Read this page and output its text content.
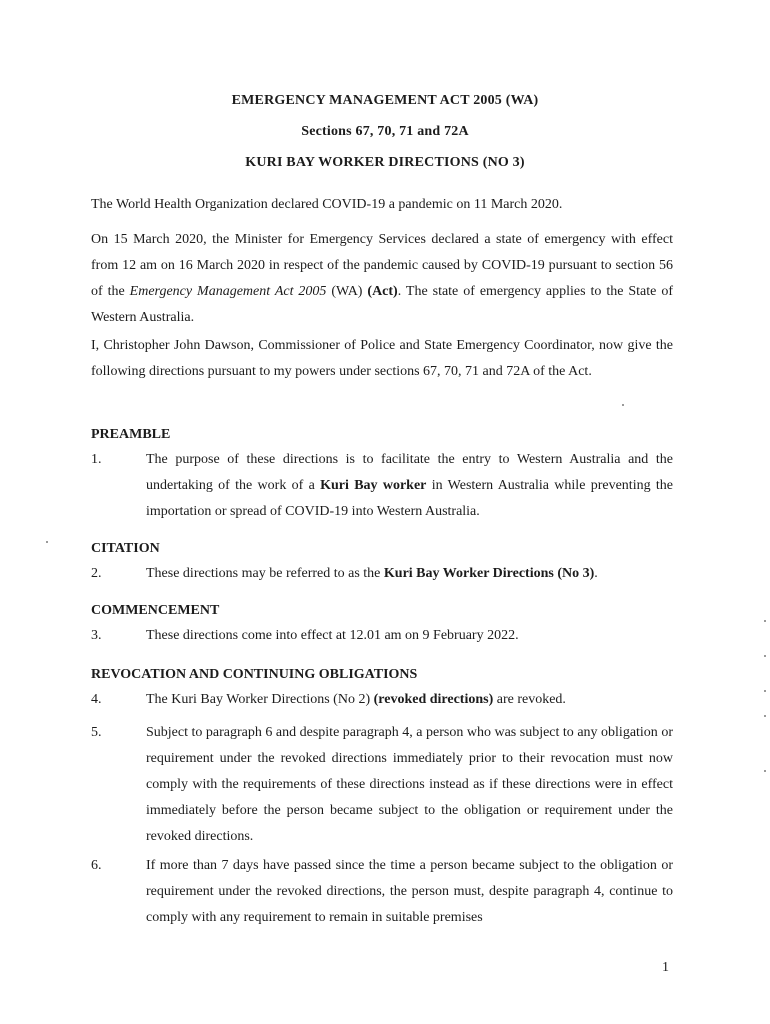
EMERGENCY MANAGEMENT ACT 2005 (WA)
Sections 67, 70, 71 and 72A
KURI BAY WORKER DIRECTIONS (NO 3)
The World Health Organization declared COVID-19 a pandemic on 11 March 2020.
On 15 March 2020, the Minister for Emergency Services declared a state of emergency with effect from 12 am on 16 March 2020 in respect of the pandemic caused by COVID-19 pursuant to section 56 of the Emergency Management Act 2005 (WA) (Act). The state of emergency applies to the State of Western Australia.
I, Christopher John Dawson, Commissioner of Police and State Emergency Coordinator, now give the following directions pursuant to my powers under sections 67, 70, 71 and 72A of the Act.
PREAMBLE
1.	The purpose of these directions is to facilitate the entry to Western Australia and the undertaking of the work of a Kuri Bay worker in Western Australia while preventing the importation or spread of COVID-19 into Western Australia.
CITATION
2.	These directions may be referred to as the Kuri Bay Worker Directions (No 3).
COMMENCEMENT
3.	These directions come into effect at 12.01 am on 9 February 2022.
REVOCATION AND CONTINUING OBLIGATIONS
4.	The Kuri Bay Worker Directions (No 2) (revoked directions) are revoked.
5.	Subject to paragraph 6 and despite paragraph 4, a person who was subject to any obligation or requirement under the revoked directions immediately prior to their revocation must now comply with the requirements of these directions instead as if these directions were in effect immediately before the person became subject to the obligation or requirement under the revoked directions.
6.	If more than 7 days have passed since the time a person became subject to the obligation or requirement under the revoked directions, the person must, despite paragraph 4, continue to comply with any requirement to remain in suitable premises
1
